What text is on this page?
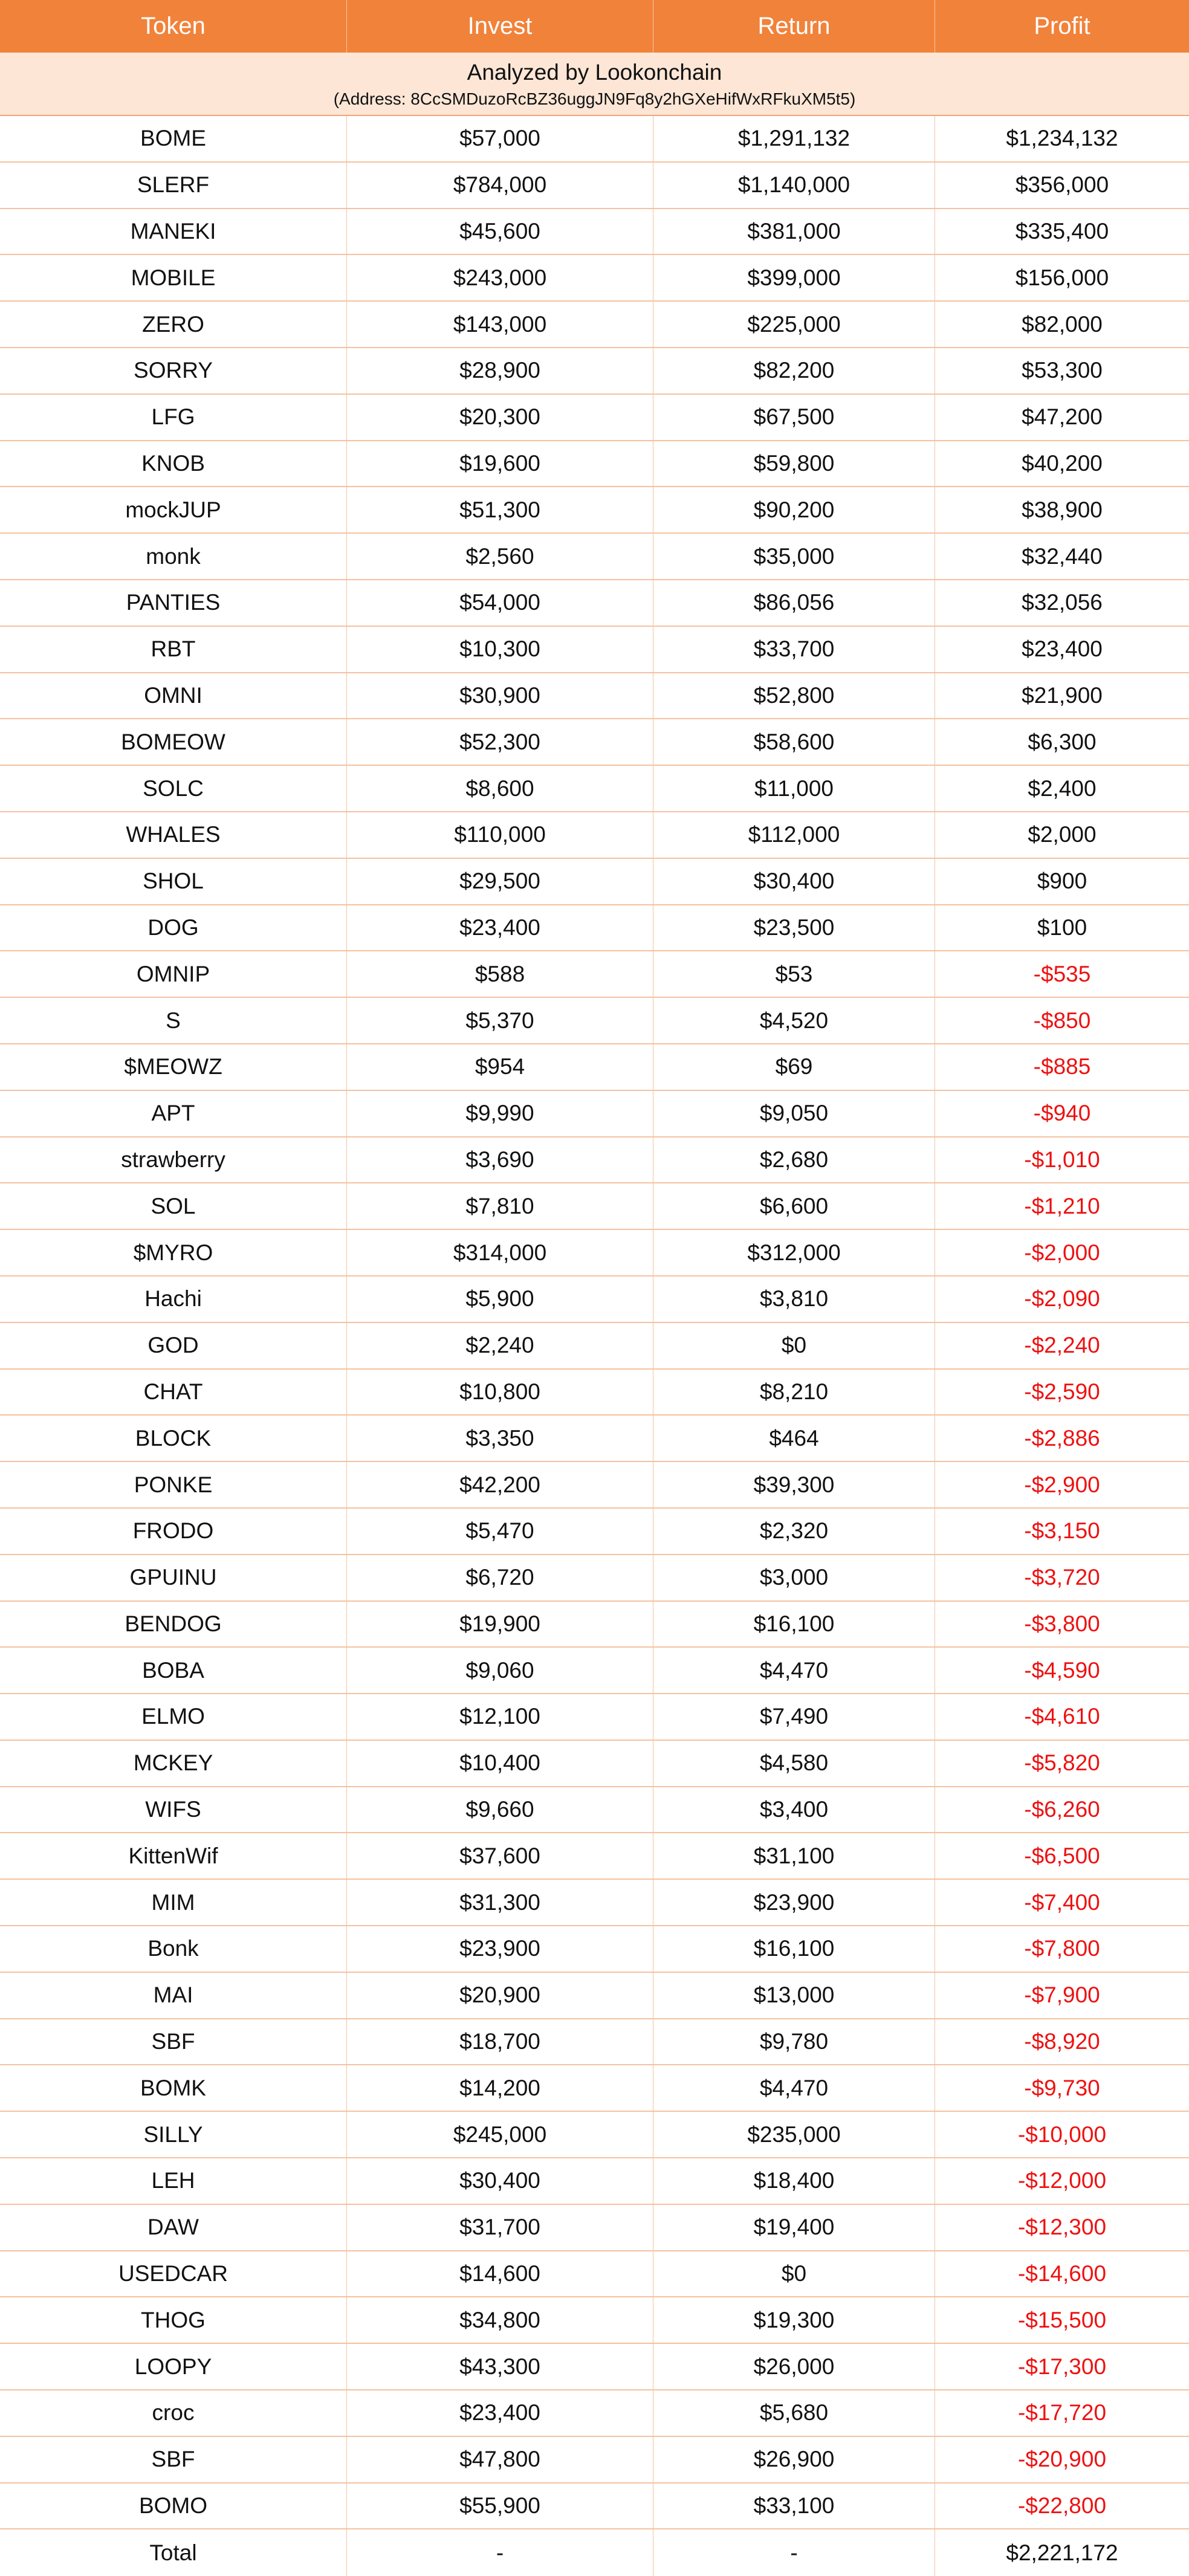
Token	Invest	Return	Profit
Analyzed by Lookonchain
(Address: 8CcSMDuzoRcBZ36uggJN9Fq8y2hGXeHifWxRFkuXM5t5)
BOME	$57,000	$1,291,132	$1,234,132
SLERF	$784,000	$1,140,000	$356,000
MANEKI	$45,600	$381,000	$335,400
MOBILE	$243,000	$399,000	$156,000
ZERO	$143,000	$225,000	$82,000
SORRY	$28,900	$82,200	$53,300
LFG	$20,300	$67,500	$47,200
KNOB	$19,600	$59,800	$40,200
mockJUP	$51,300	$90,200	$38,900
monk	$2,560	$35,000	$32,440
PANTIES	$54,000	$86,056	$32,056
RBT	$10,300	$33,700	$23,400
OMNI	$30,900	$52,800	$21,900
BOMEOW	$52,300	$58,600	$6,300
SOLC	$8,600	$11,000	$2,400
WHALES	$110,000	$112,000	$2,000
SHOL	$29,500	$30,400	$900
DOG	$23,400	$23,500	$100
OMNIP	$588	$53	-$535
S	$5,370	$4,520	-$850
$MEOWZ	$954	$69	-$885
APT	$9,990	$9,050	-$940
strawberry	$3,690	$2,680	-$1,010
SOL	$7,810	$6,600	-$1,210
$MYRO	$314,000	$312,000	-$2,000
Hachi	$5,900	$3,810	-$2,090
GOD	$2,240	$0	-$2,240
CHAT	$10,800	$8,210	-$2,590
BLOCK	$3,350	$464	-$2,886
PONKE	$42,200	$39,300	-$2,900
FRODO	$5,470	$2,320	-$3,150
GPUINU	$6,720	$3,000	-$3,720
BENDOG	$19,900	$16,100	-$3,800
BOBA	$9,060	$4,470	-$4,590
ELMO	$12,100	$7,490	-$4,610
MCKEY	$10,400	$4,580	-$5,820
WIFS	$9,660	$3,400	-$6,260
KittenWif	$37,600	$31,100	-$6,500
MIM	$31,300	$23,900	-$7,400
Bonk	$23,900	$16,100	-$7,800
MAI	$20,900	$13,000	-$7,900
SBF	$18,700	$9,780	-$8,920
BOMK	$14,200	$4,470	-$9,730
SILLY	$245,000	$235,000	-$10,000
LEH	$30,400	$18,400	-$12,000
DAW	$31,700	$19,400	-$12,300
USEDCAR	$14,600	$0	-$14,600
THOG	$34,800	$19,300	-$15,500
LOOPY	$43,300	$26,000	-$17,300
croc	$23,400	$5,680	-$17,720
SBF	$47,800	$26,900	-$20,900
BOMO	$55,900	$33,100	-$22,800
Total	-	-	$2,221,172
